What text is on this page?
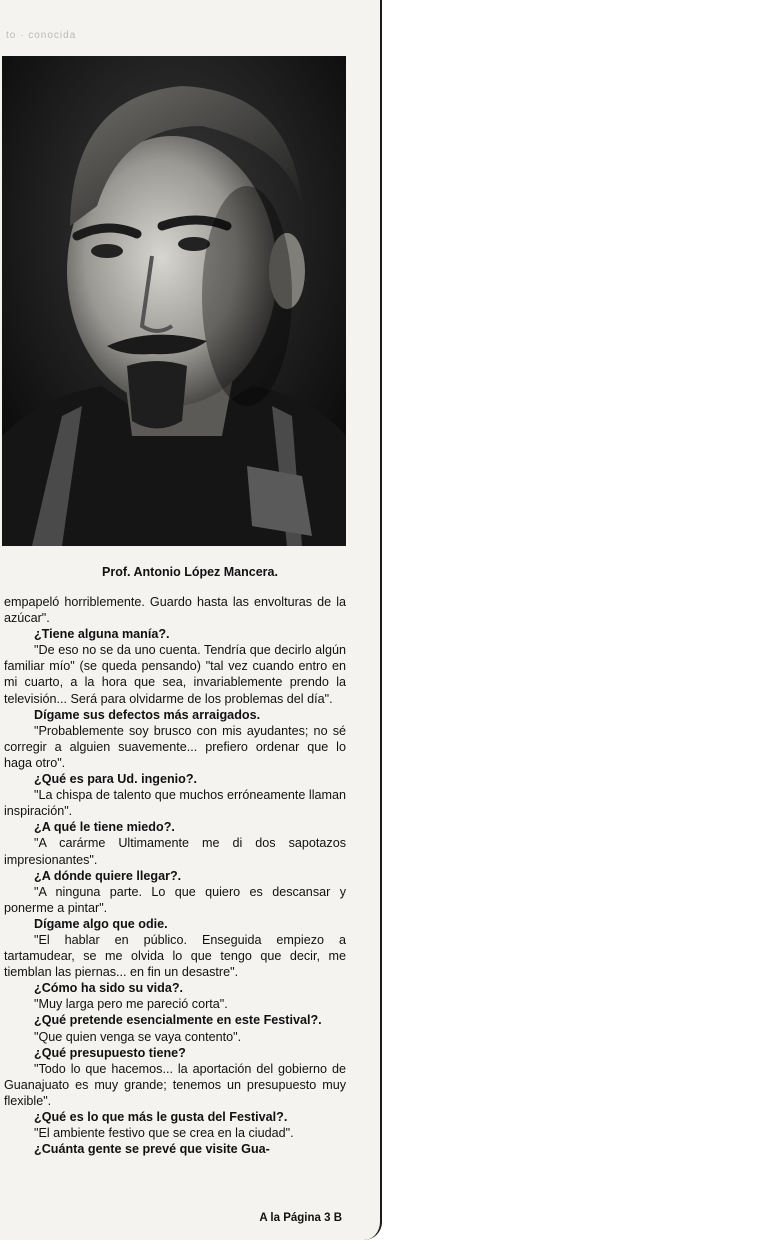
to · conocida
Prof. Antonio López Mancera.

empapeló horriblemente. Guardo hasta las envolturas de la azúcar".

¿Tiene alguna manía?.

"De eso no se da uno cuenta. Tendría que decirlo algún familiar mío" (se queda pensando) "tal vez cuando entro en mi cuarto, a la hora que sea, invariablemente prendo la televisión... Será para olvidarme de los problemas del día".

Dígame sus defectos más arraigados.

"Probablemente soy brusco con mis ayudantes; no sé corregir a alguien suavemente... prefiero ordenar que lo haga otro".

¿Qué es para Ud. ingenio?.

"La chispa de talento que muchos erróneamente llaman inspiración".

¿A qué le tiene miedo?.

"A carárme Ultimamente me di dos sapotazos impresionantes".

¿A dónde quiere llegar?.

"A ninguna parte. Lo que quiero es descansar y ponerme a pintar".

Dígame algo que odie.

"El hablar en público. Enseguida empiezo a tartamudear, se me olvida lo que tengo que decir, me tiemblan las piernas... en fin un desastre".

¿Cómo ha sido su vida?.

"Muy larga pero me pareció corta".

¿Qué pretende esencialmente en este Festival?.

"Que quien venga se vaya contento".

¿Qué presupuesto tiene?

"Todo lo que hacemos... la aportación del gobierno de Guanajuato es muy grande; tenemos un presupuesto muy flexible".

¿Qué es lo que más le gusta del Festival?.

"El ambiente festivo que se crea en la ciudad".

¿Cuánta gente se prevé que visite Gua-

A la Página 3 B
